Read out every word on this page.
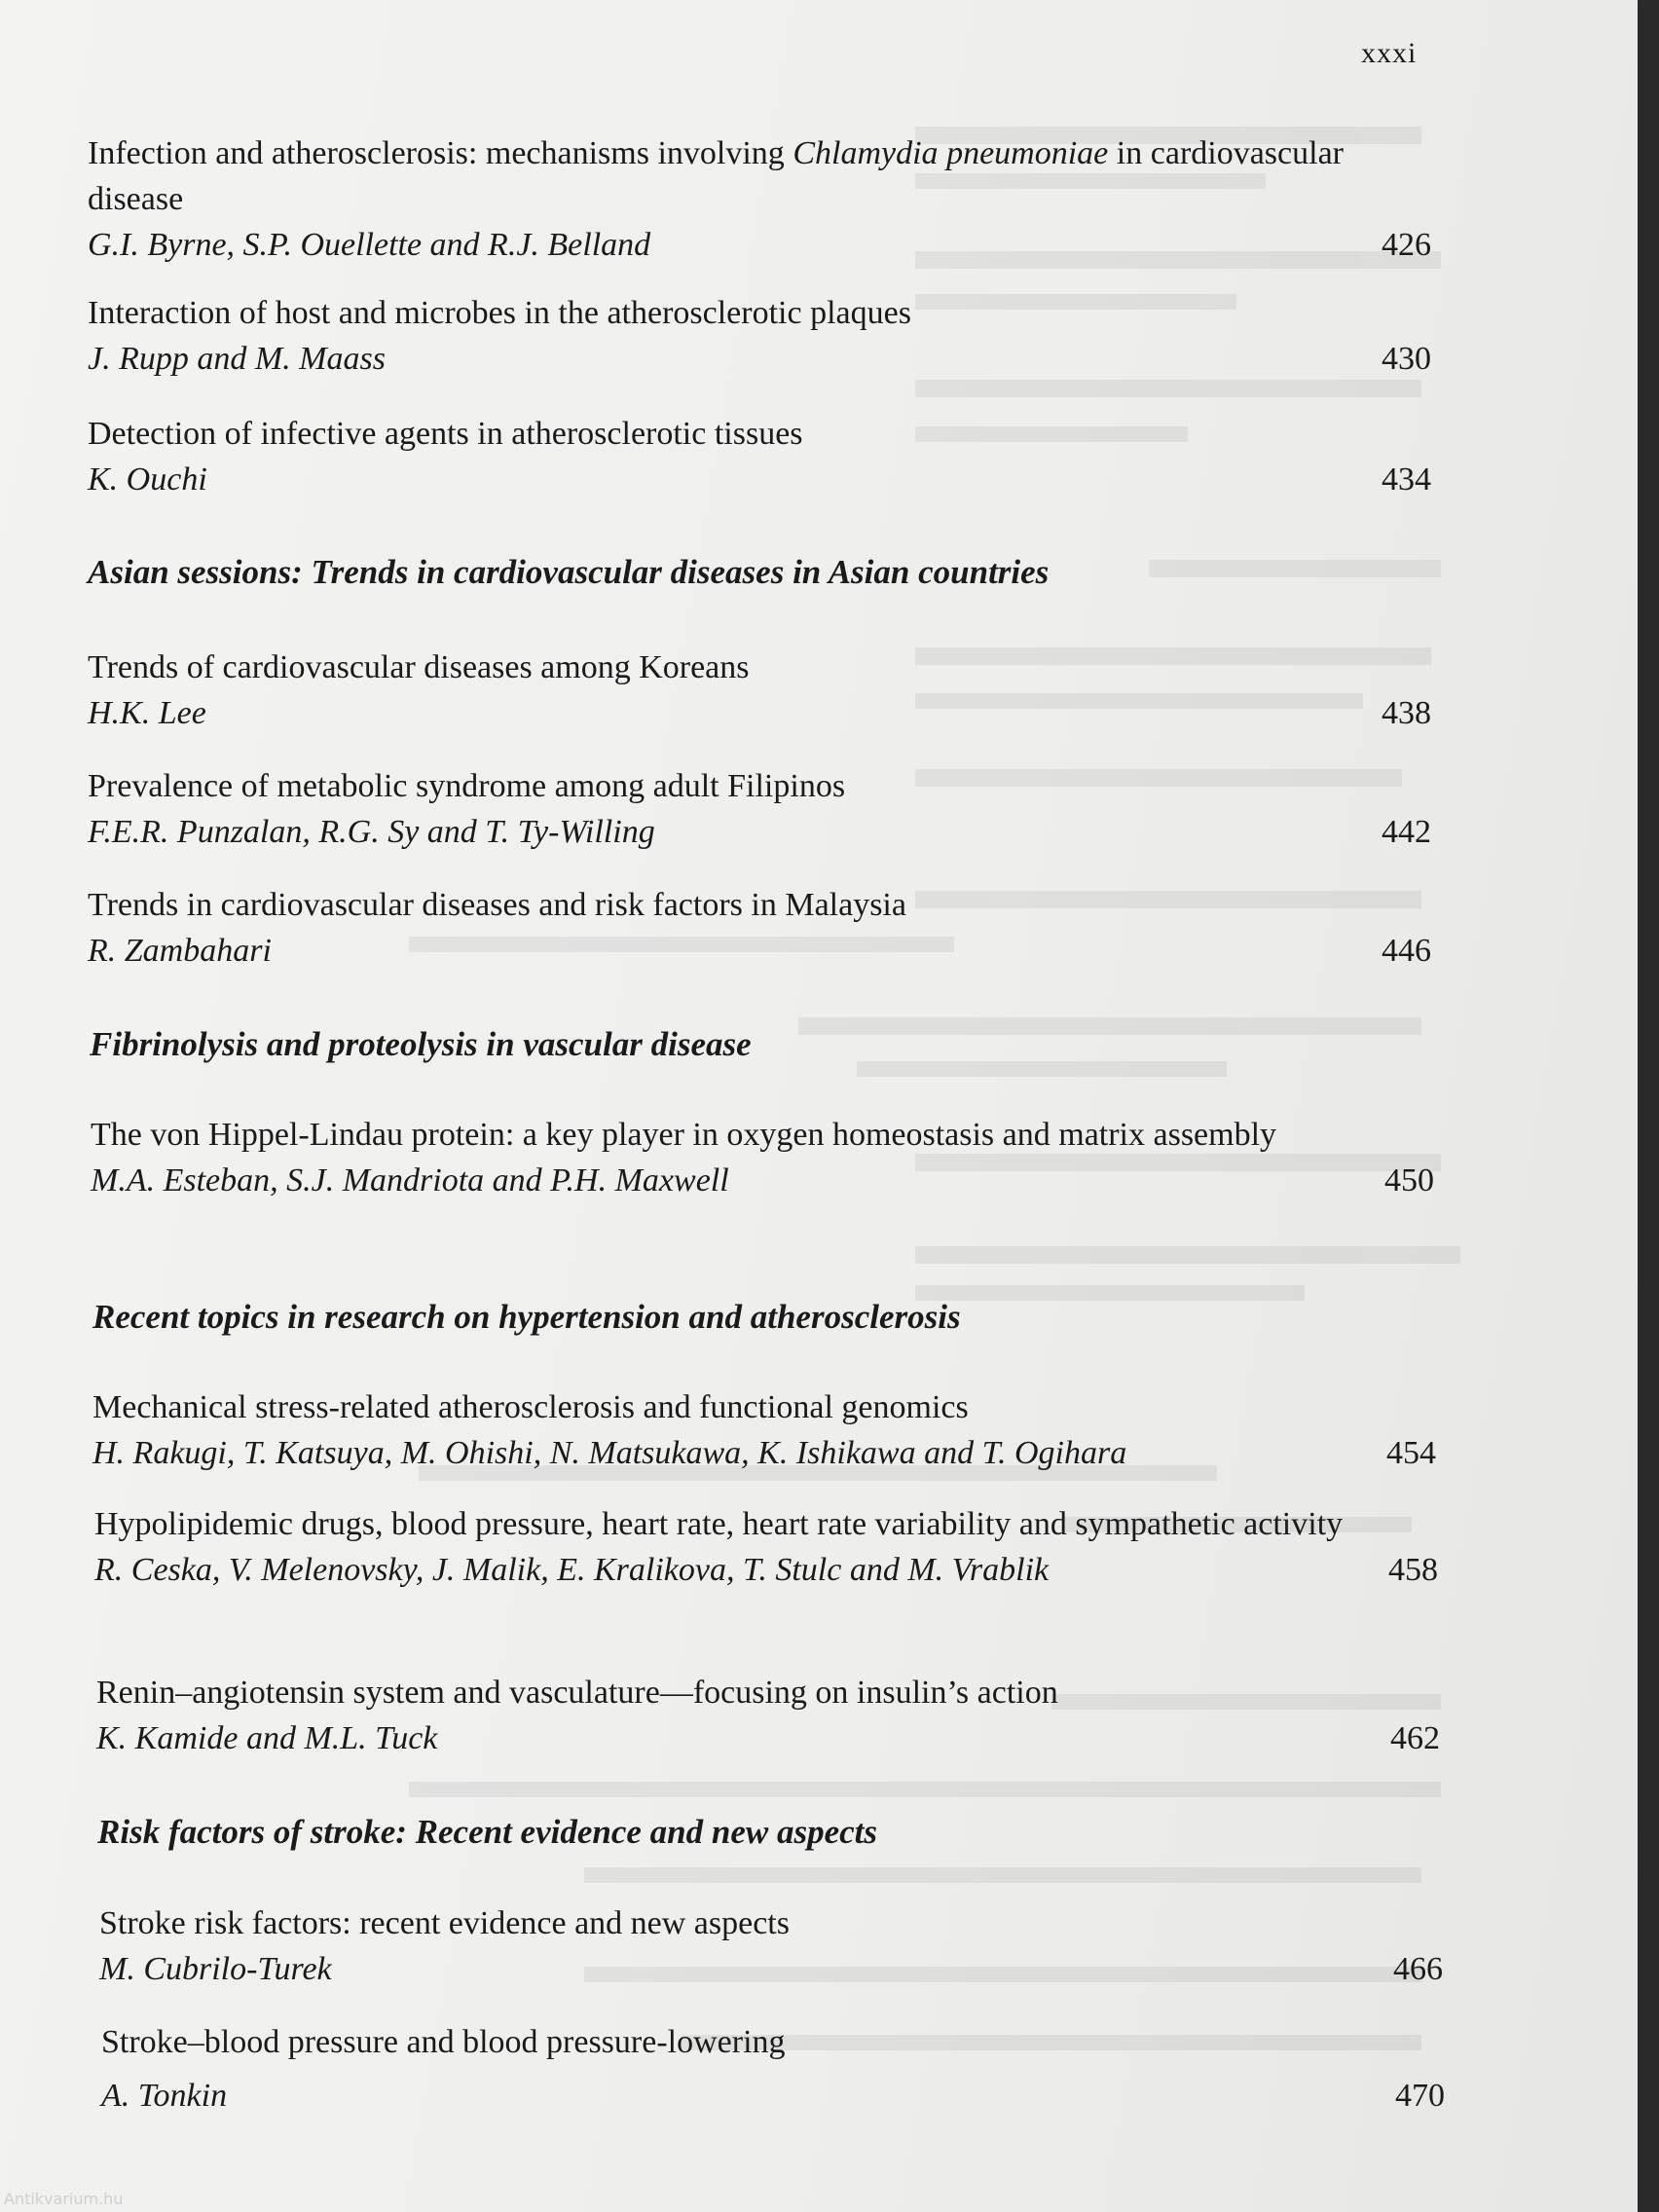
xxxi
Infection and atherosclerosis: mechanisms involving Chlamydia pneumoniae in cardiovascular disease
G.I. Byrne, S.P. Ouellette and R.J. Belland	426
Interaction of host and microbes in the atherosclerotic plaques
J. Rupp and M. Maass	430
Detection of infective agents in atherosclerotic tissues
K. Ouchi	434
Asian sessions: Trends in cardiovascular diseases in Asian countries
Trends of cardiovascular diseases among Koreans
H.K. Lee	438
Prevalence of metabolic syndrome among adult Filipinos
F.E.R. Punzalan, R.G. Sy and T. Ty-Willing	442
Trends in cardiovascular diseases and risk factors in Malaysia
R. Zambahari	446
Fibrinolysis and proteolysis in vascular disease
The von Hippel-Lindau protein: a key player in oxygen homeostasis and matrix assembly
M.A. Esteban, S.J. Mandriota and P.H. Maxwell	450
Recent topics in research on hypertension and atherosclerosis
Mechanical stress-related atherosclerosis and functional genomics
H. Rakugi, T. Katsuya, M. Ohishi, N. Matsukawa, K. Ishikawa and T. Ogihara	454
Hypolipidemic drugs, blood pressure, heart rate, heart rate variability and sympathetic activity
R. Ceska, V. Melenovsky, J. Malik, E. Kralikova, T. Stulc and M. Vrablik	458
Renin–angiotensin system and vasculature—focusing on insulin’s action
K. Kamide and M.L. Tuck	462
Risk factors of stroke: Recent evidence and new aspects
Stroke risk factors: recent evidence and new aspects
M. Cubrilo-Turek	466
Stroke–blood pressure and blood pressure-lowering
A. Tonkin	470
Antikvarium.hu
